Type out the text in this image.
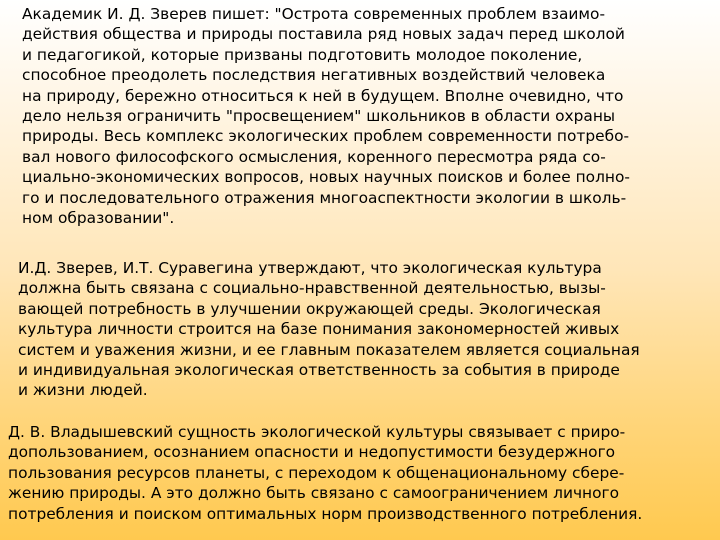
Академик И. Д. Зверев пишет: "Острота современных проблем взаимо-
действия общества и природы поставила ряд новых задач перед школой
и педагогикой, которые призваны подготовить молодое поколение,
способное преодолеть последствия негативных воздействий человека
на природу, бережно относиться к ней в будущем. Вполне очевидно, что
дело нельзя ограничить "просвещением" школьников в области охраны
природы. Весь комплекс экологических проблем современности потребо-
вал нового философского осмысления, коренного пересмотра ряда со-
циально-экономических вопросов, новых научных поисков и более полно-
го и последовательного отражения многоаспектности экологии в школь-
ном образовании".

И.Д. Зверев, И.Т. Суравегина утверждают, что экологическая культура
должна быть связана с социально-нравственной деятельностью, вызы-
вающей потребность в улучшении окружающей среды. Экологическая
культура личности строится на базе понимания закономерностей живых
систем и уважения жизни, и ее главным показателем является социальная
и индивидуальная экологическая ответственность за события в природе
и жизни людей.

Д. В. Владышевский сущность экологической культуры связывает с приро-
допользованием, осознанием опасности и недопустимости безудержного
пользования ресурсов планеты, с переходом к общенациональному сбере-
жению природы. А это должно быть связано с самоограничением личного
потребления и поиском оптимальных норм производственного потребления.
